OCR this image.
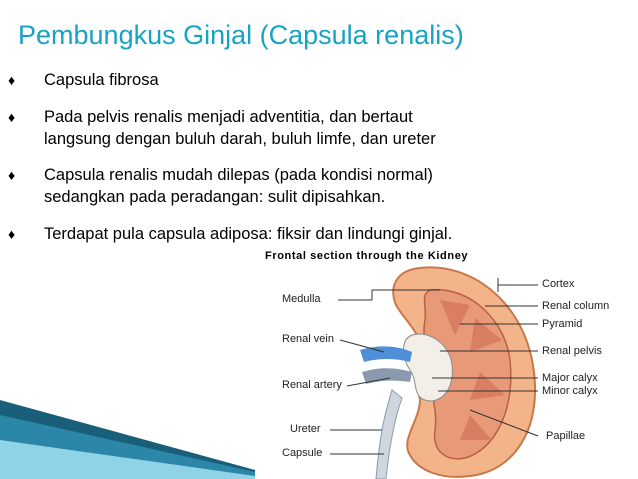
Pembungkus Ginjal (Capsula renalis)
♦	Capsula fibrosa
♦	Pada pelvis renalis menjadi adventitia, dan bertaut
langsung dengan buluh darah, buluh limfe, dan ureter
♦	Capsula renalis mudah dilepas (pada kondisi normal)
sedangkan pada peradangan: sulit dipisahkan.
♦	Terdapat pula capsula adiposa: fiksir dan lindungi ginjal.
Frontal section through the Kidney
Medulla
Renal vein
Renal artery
Ureter
Capsule
Cortex
Renal column
Pyramid
Renal pelvis
Major calyx
Minor calyx
Papillae
